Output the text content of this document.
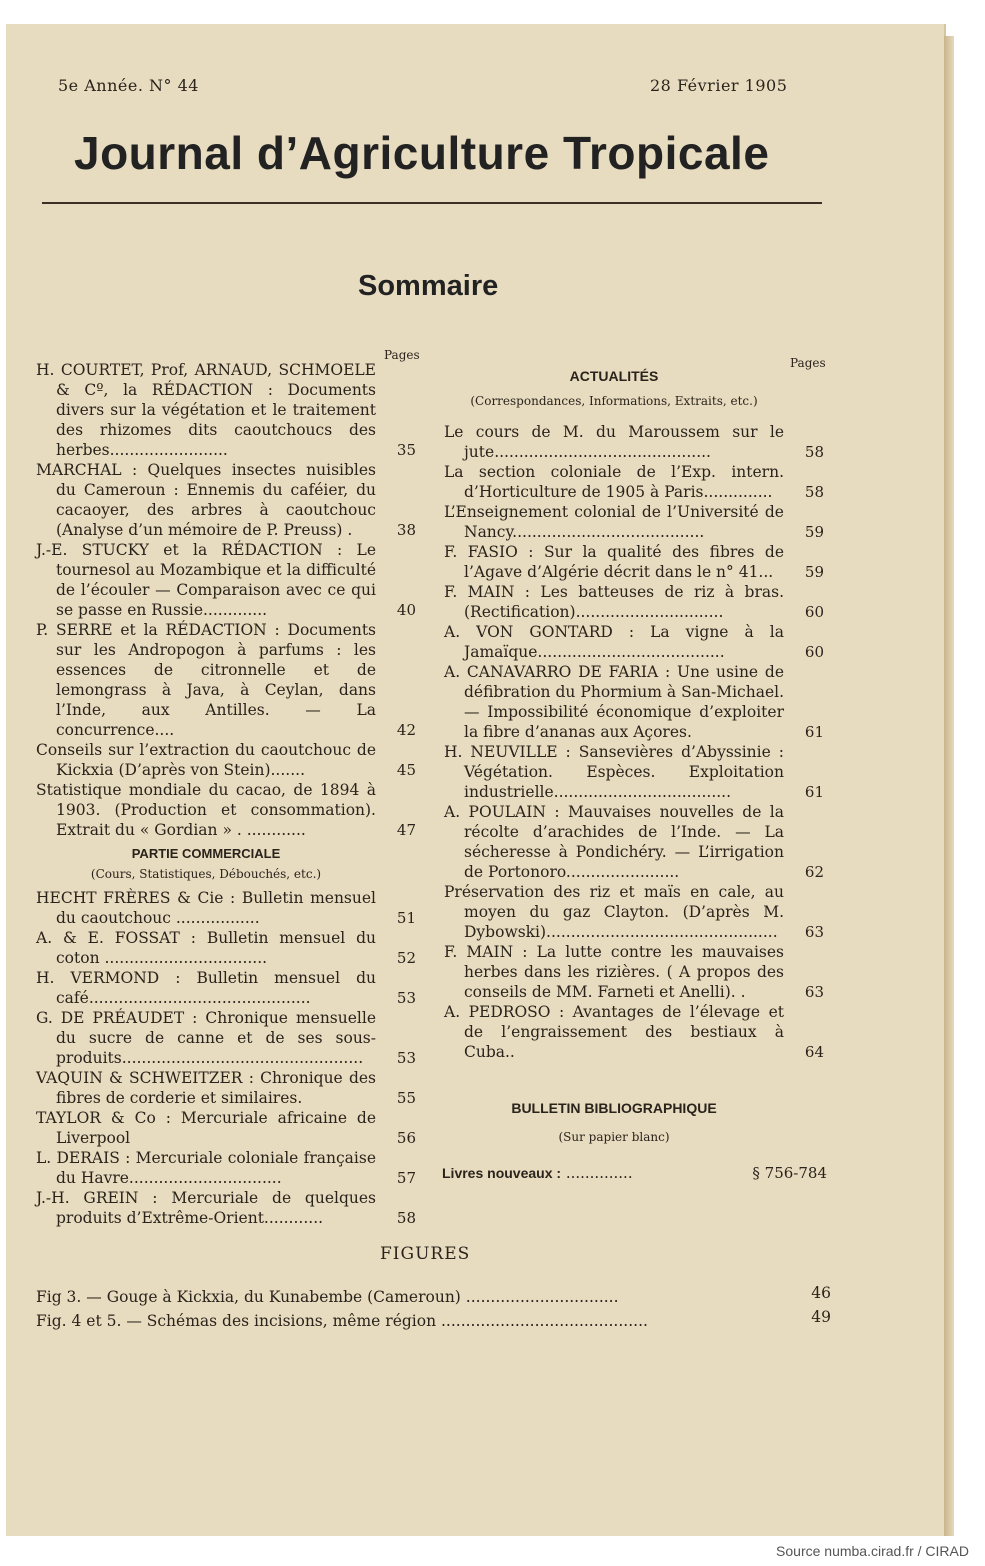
5e Année. N° 44	28 Février 1905
Journal d’Agriculture Tropicale
Sommaire
Pages
Pages
H. COURTET, Prof, ARNAUD, SCHMOELE & Cº, la RÉDACTION : Documents divers sur la végétation et le traitement des rhizomes dits caoutchoucs des herbes........................	35
MARCHAL : Quelques insectes nuisibles du Cameroun : Ennemis du caféier, du cacaoyer, des arbres à caoutchouc (Analyse d’un mémoire de P. Preuss) .	38
J.-E. STUCKY et la RÉDACTION : Le tournesol au Mozambique et la difficulté de l’écouler — Comparaison avec ce qui se passe en Russie.............	40
P. SERRE et la RÉDACTION : Documents sur les Andropogon à parfums : les essences de citronnelle et de lemongrass à Java, à Ceylan, dans l’Inde, aux Antilles. — La concurrence....	42
Conseils sur l’extraction du caoutchouc de Kickxia (D’après von Stein).......	45
Statistique mondiale du cacao, de 1894 à 1903. (Production et consommation). Extrait du « Gordian » . ............	47
PARTIE COMMERCIALE
(Cours, Statistiques, Débouchés, etc.)
HECHT FRÈRES & Cie : Bulletin mensuel du caoutchouc .................	51
A. & E. FOSSAT : Bulletin mensuel du coton .................................	52
H. VERMOND : Bulletin mensuel du café.............................................	53
G. DE PRÉAUDET : Chronique mensuelle du sucre de canne et de ses sous-produits.................................................	53
VAQUIN & SCHWEITZER : Chronique des fibres de corderie et similaires.	55
TAYLOR & Co : Mercuriale africaine de Liverpool	56
L. DERAIS : Mercuriale coloniale française du Havre...............................	57
J.-H. GREIN : Mercuriale de quelques produits d’Extrême-Orient............	58
ACTUALITÉS
(Correspondances, Informations, Extraits, etc.)
Le cours de M. du Maroussem sur le jute............................................	58
La section coloniale de l’Exp. intern. d’Horticulture de 1905 à Paris..............	58
L’Enseignement colonial de l’Université de Nancy.......................................	59
F. FASIO : Sur la qualité des fibres de l’Agave d’Algérie décrit dans le n° 41...	59
F. MAIN : Les batteuses de riz à bras. (Rectification)..............................	60
A. VON GONTARD : La vigne à la Jamaïque......................................	60
A. CANAVARRO DE FARIA : Une usine de défibration du Phormium à San-Michael. — Impossibilité économique d’exploiter la fibre d’ananas aux Açores.	61
H. NEUVILLE : Sansevières d’Abyssinie : Végétation. Espèces. Exploitation industrielle....................................	61
A. POULAIN : Mauvaises nouvelles de la récolte d’arachides de l’Inde. — La sécheresse à Pondichéry. — L’irrigation de Portonoro.......................	62
Préservation des riz et maïs en cale, au moyen du gaz Clayton. (D’après M. Dybowski)...............................................	63
F. MAIN : La lutte contre les mauvaises herbes dans les rizières. ( A propos des conseils de MM. Farneti et Anelli). .	63
A. PEDROSO : Avantages de l’élevage et de l’engraissement des bestiaux à Cuba..	64
BULLETIN BIBLIOGRAPHIQUE
(Sur papier blanc)
Livres nouveaux : ..............	§ 756-784
FIGURES
Fig 3. — Gouge à Kickxia, du Kunabembe (Cameroun) ...............................	46
Fig. 4 et 5. — Schémas des incisions, même région ..........................................	49
Source numba.cirad.fr / CIRAD
